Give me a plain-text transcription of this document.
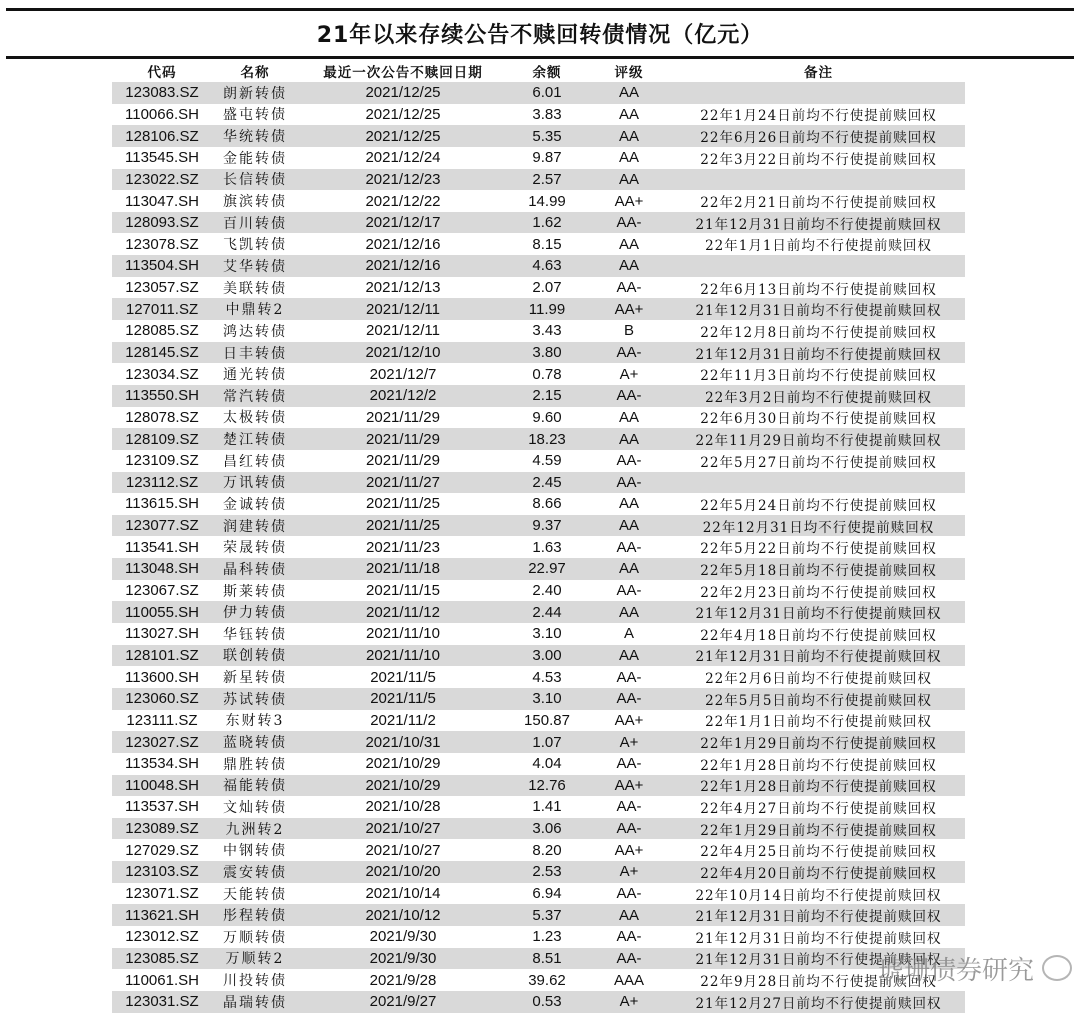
21年以来存续公告不赎回转债情况（亿元）
代码	名称	最近一次公告不赎回日期	余额	评级	备注
123083.SZ	朗新转债	2021/12/25	6.01	AA
110066.SH	盛屯转债	2021/12/25	3.83	AA	22年1月24日前均不行使提前赎回权
128106.SZ	华统转债	2021/12/25	5.35	AA	22年6月26日前均不行使提前赎回权
113545.SH	金能转债	2021/12/24	9.87	AA	22年3月22日前均不行使提前赎回权
123022.SZ	长信转债	2021/12/23	2.57	AA
113047.SH	旗滨转债	2021/12/22	14.99	AA+	22年2月21日前均不行使提前赎回权
128093.SZ	百川转债	2021/12/17	1.62	AA-	21年12月31日前均不行使提前赎回权
123078.SZ	飞凯转债	2021/12/16	8.15	AA	22年1月1日前均不行使提前赎回权
113504.SH	艾华转债	2021/12/16	4.63	AA
123057.SZ	美联转债	2021/12/13	2.07	AA-	22年6月13日前均不行使提前赎回权
127011.SZ	中鼎转2	2021/12/11	11.99	AA+	21年12月31日前均不行使提前赎回权
128085.SZ	鸿达转债	2021/12/11	3.43	B	22年12月8日前均不行使提前赎回权
128145.SZ	日丰转债	2021/12/10	3.80	AA-	21年12月31日前均不行使提前赎回权
123034.SZ	通光转债	2021/12/7	0.78	A+	22年11月3日前均不行使提前赎回权
113550.SH	常汽转债	2021/12/2	2.15	AA-	22年3月2日前均不行使提前赎回权
128078.SZ	太极转债	2021/11/29	9.60	AA	22年6月30日前均不行使提前赎回权
128109.SZ	楚江转债	2021/11/29	18.23	AA	22年11月29日前均不行使提前赎回权
123109.SZ	昌红转债	2021/11/29	4.59	AA-	22年5月27日前均不行使提前赎回权
123112.SZ	万讯转债	2021/11/27	2.45	AA-
113615.SH	金诚转债	2021/11/25	8.66	AA	22年5月24日前均不行使提前赎回权
123077.SZ	润建转债	2021/11/25	9.37	AA	22年12月31日均不行使提前赎回权
113541.SH	荣晟转债	2021/11/23	1.63	AA-	22年5月22日前均不行使提前赎回权
113048.SH	晶科转债	2021/11/18	22.97	AA	22年5月18日前均不行使提前赎回权
123067.SZ	斯莱转债	2021/11/15	2.40	AA-	22年2月23日前均不行使提前赎回权
110055.SH	伊力转债	2021/11/12	2.44	AA	21年12月31日前均不行使提前赎回权
113027.SH	华钰转债	2021/11/10	3.10	A	22年4月18日前均不行使提前赎回权
128101.SZ	联创转债	2021/11/10	3.00	AA	21年12月31日前均不行使提前赎回权
113600.SH	新星转债	2021/11/5	4.53	AA-	22年2月6日前均不行使提前赎回权
123060.SZ	苏试转债	2021/11/5	3.10	AA-	22年5月5日前均不行使提前赎回权
123111.SZ	东财转3	2021/11/2	150.87	AA+	22年1月1日前均不行使提前赎回权
123027.SZ	蓝晓转债	2021/10/31	1.07	A+	22年1月29日前均不行使提前赎回权
113534.SH	鼎胜转债	2021/10/29	4.04	AA-	22年1月28日前均不行使提前赎回权
110048.SH	福能转债	2021/10/29	12.76	AA+	22年1月28日前均不行使提前赎回权
113537.SH	文灿转债	2021/10/28	1.41	AA-	22年4月27日前均不行使提前赎回权
123089.SZ	九洲转2	2021/10/27	3.06	AA-	22年1月29日前均不行使提前赎回权
127029.SZ	中钢转债	2021/10/27	8.20	AA+	22年4月25日前均不行使提前赎回权
123103.SZ	震安转债	2021/10/20	2.53	A+	22年4月20日前均不行使提前赎回权
123071.SZ	天能转债	2021/10/14	6.94	AA-	22年10月14日前均不行使提前赎回权
113621.SH	彤程转债	2021/10/12	5.37	AA	21年12月31日前均不行使提前赎回权
123012.SZ	万顺转债	2021/9/30	1.23	AA-	21年12月31日前均不行使提前赎回权
123085.SZ	万顺转2	2021/9/30	8.51	AA-	21年12月31日前均不行使提前赎回权
110061.SH	川投转债	2021/9/28	39.62	AAA	22年9月28日前均不行使提前赎回权
123031.SZ	晶瑞转债	2021/9/27	0.53	A+	21年12月27日前均不行使提前赎回权
琥珊债券研究
